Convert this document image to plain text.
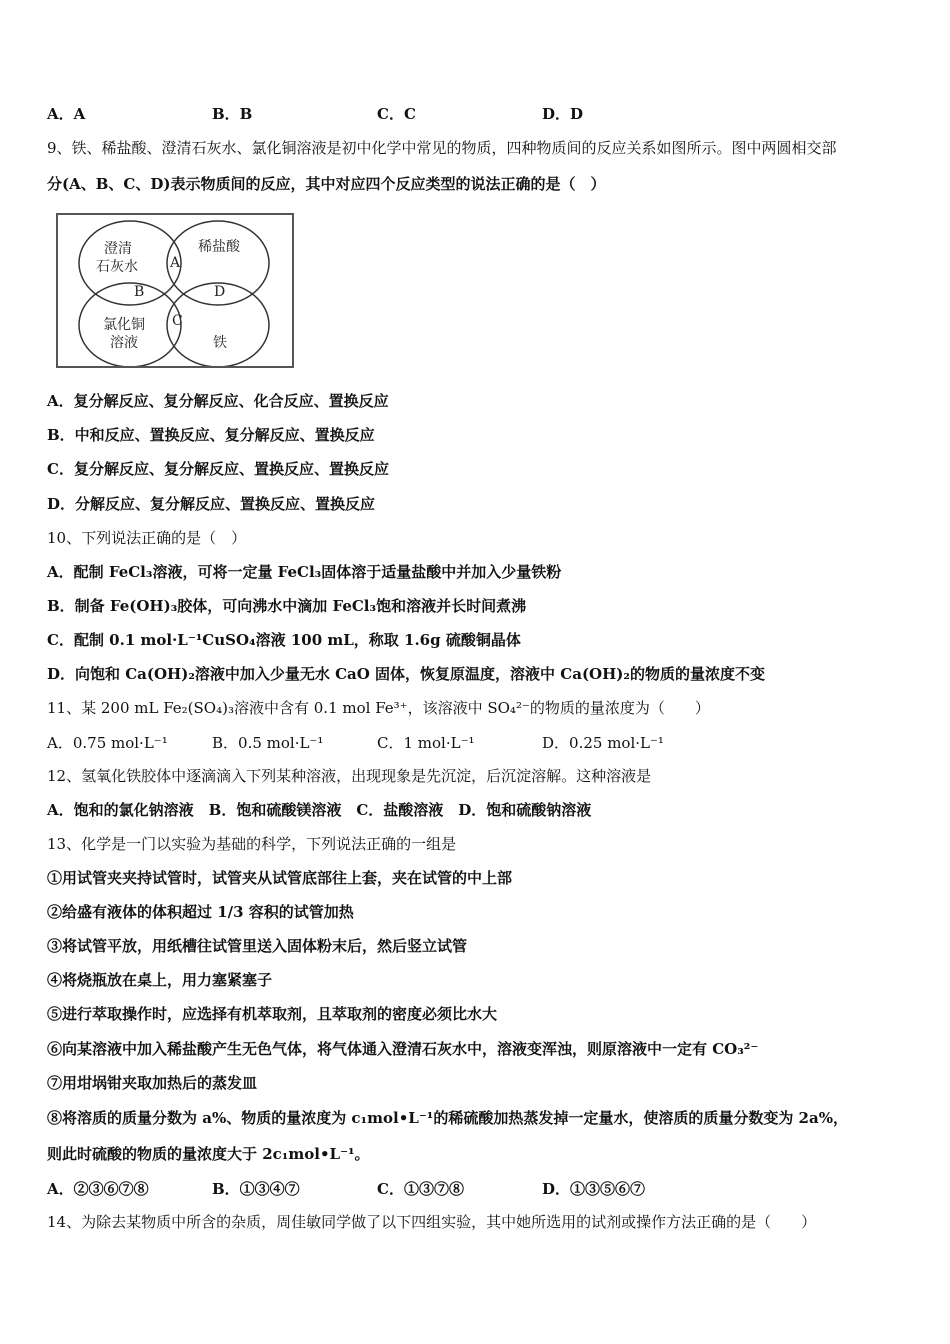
A．A	B．B	C．C	D．D
9、铁、稀盐酸、澄清石灰水、氯化铜溶液是初中化学中常见的物质，四种物质间的反应关系如图所示。图中两圆相交部
分(A、B、C、D)表示物质间的反应，其中对应四个反应类型的说法正确的是（　）
澄清
石灰水
稀盐酸
氯化铜
溶液	铁
A
B
C
D
A．复分解反应、复分解反应、化合反应、置换反应
B．中和反应、置换反应、复分解反应、置换反应
C．复分解反应、复分解反应、置换反应、置换反应
D．分解反应、复分解反应、置换反应、置换反应
10、下列说法正确的是（　）
A．配制 FeCl₃溶液，可将一定量 FeCl₃固体溶于适量盐酸中并加入少量铁粉
B．制备 Fe(OH)₃胶体，可向沸水中滴加 FeCl₃饱和溶液并长时间煮沸
C．配制 0.1 mol·L⁻¹CuSO₄溶液 100 mL，称取 1.6g 硫酸铜晶体
D．向饱和 Ca(OH)₂溶液中加入少量无水 CaO 固体，恢复原温度，溶液中 Ca(OH)₂的物质的量浓度不变
11、某 200 mL Fe₂(SO₄)₃溶液中含有 0.1 mol Fe³⁺，该溶液中 SO₄²⁻的物质的量浓度为（　　）
A．0.75 mol·L⁻¹	B．0.5 mol·L⁻¹	C．1 mol·L⁻¹	D．0.25 mol·L⁻¹
12、氢氧化铁胶体中逐滴滴入下列某种溶液，出现现象是先沉淀，后沉淀溶解。这种溶液是
A．饱和的氯化钠溶液　B．饱和硫酸镁溶液　C．盐酸溶液　D．饱和硫酸钠溶液
13、化学是一门以实验为基础的科学，下列说法正确的一组是
①用试管夹夹持试管时，试管夹从试管底部往上套，夹在试管的中上部
②给盛有液体的体积超过 1/3 容积的试管加热
③将试管平放，用纸槽往试管里送入固体粉末后，然后竖立试管
④将烧瓶放在桌上，用力塞紧塞子
⑤进行萃取操作时，应选择有机萃取剂，且萃取剂的密度必须比水大
⑥向某溶液中加入稀盐酸产生无色气体，将气体通入澄清石灰水中，溶液变浑浊，则原溶液中一定有 CO₃²⁻
⑦用坩埚钳夹取加热后的蒸发皿
⑧将溶质的质量分数为 a%、物质的量浓度为 c₁mol•L⁻¹的稀硫酸加热蒸发掉一定量水，使溶质的质量分数变为 2a%，
则此时硫酸的物质的量浓度大于 2c₁mol•L⁻¹。
A．②③⑥⑦⑧	B．①③④⑦	C．①③⑦⑧	D．①③⑤⑥⑦
14、为除去某物质中所含的杂质，周佳敏同学做了以下四组实验，其中她所选用的试剂或操作方法正确的是（　　）
